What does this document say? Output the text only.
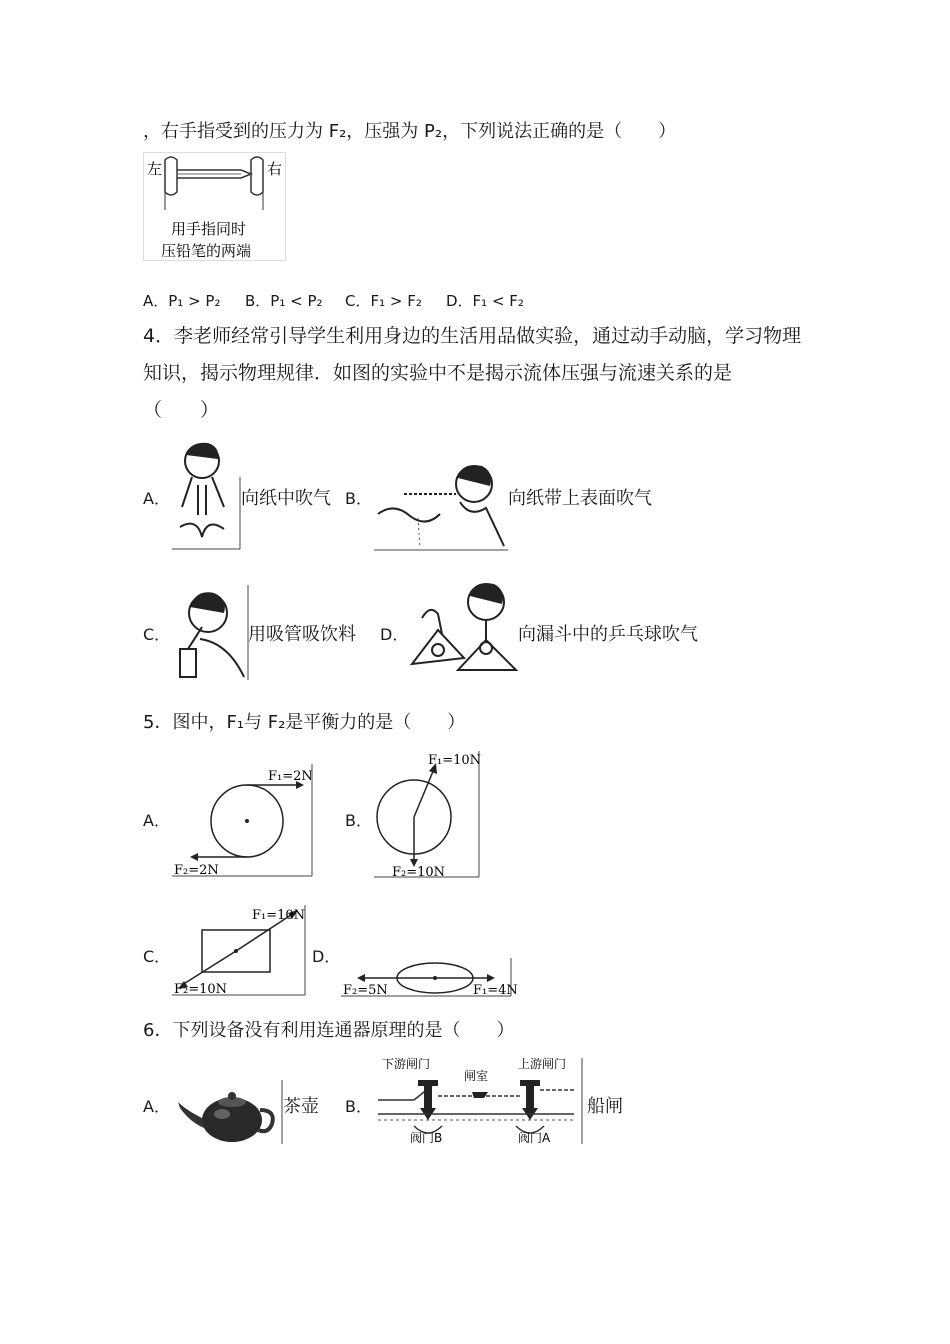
，右手指受到的压力为 F₂，压强为 P₂，下列说法正确的是（　　）
左	右
用手指同时
压铅笔的两端
A．P₁ > P₂ B．P₁ < P₂ C．F₁ > F₂ D．F₁ < F₂
4．李老师经常引导学生利用身边的生活用品做实验，通过动手动脑，学习物理
知识，揭示物理规律．如图的实验中不是揭示流体压强与流速关系的是
（　　）
A．	向纸中吹气 B．	向纸带上表面吹气
C．	用吸管吸饮料 D．	向漏斗中的乒乓球吹气
5．图中，F₁与 F₂是平衡力的是（　　）
A．
F₁=2N
F₂=2N
B．
F₁=10N
F₂=10N
C．
F₁=10N
F₂=10N
D．
F₂=5N	F₁=4N
6．下列设备没有利用连通器原理的是（　　）
A．	茶壶 B．
下游闸门
闸室
上游闸门
阀门B	阀门A
船闸
